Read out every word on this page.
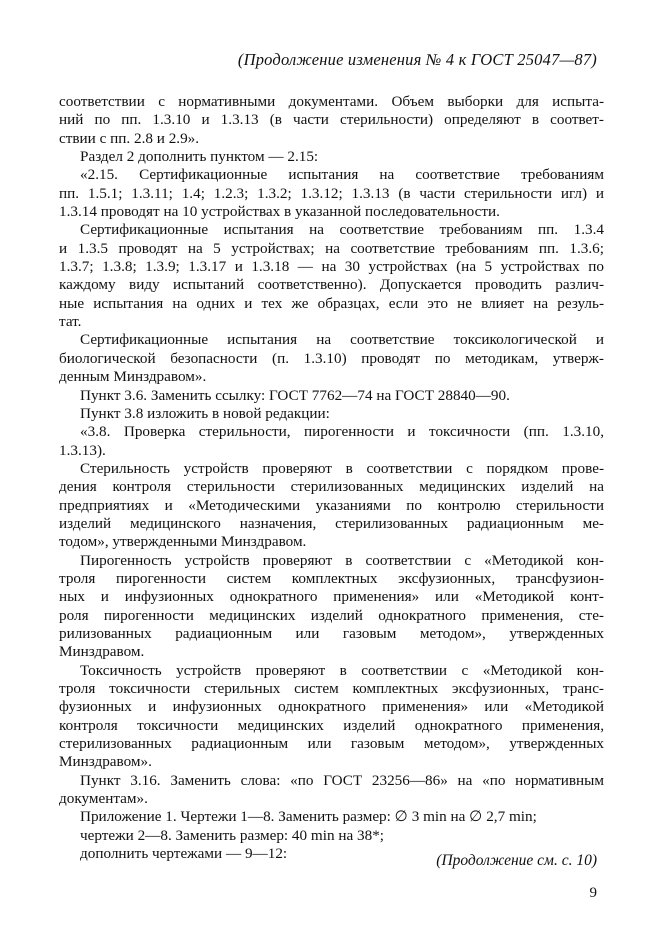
(Продолжение изменения № 4 к ГОСТ 25047—87)
соответствии с нормативными документами. Объем выборки для испыта-
ний по пп. 1.3.10 и 1.3.13 (в части стерильности) определяют в соответ-
ствии с пп. 2.8 и 2.9».
Раздел 2 дополнить пунктом — 2.15:
«2.15. Сертификационные испытания на соответствие требованиям
пп. 1.5.1; 1.3.11; 1.4; 1.2.3; 1.3.2; 1.3.12; 1.3.13 (в части стерильности игл) и
1.3.14 проводят на 10 устройствах в указанной последовательности.
Сертификационные испытания на соответствие требованиям пп. 1.3.4
и 1.3.5 проводят на 5 устройствах; на соответствие требованиям пп. 1.3.6;
1.3.7; 1.3.8; 1.3.9; 1.3.17 и 1.3.18 — на 30 устройствах (на 5 устройствах по
каждому виду испытаний соответственно). Допускается проводить различ-
ные испытания на одних и тех же образцах, если это не влияет на резуль-
тат.
Сертификационные испытания на соответствие токсикологической и
биологической безопасности (п. 1.3.10) проводят по методикам, утверж-
денным Минздравом».
Пункт 3.6. Заменить ссылку: ГОСТ 7762—74 на ГОСТ 28840—90.
Пункт 3.8 изложить в новой редакции:
«3.8. Проверка стерильности, пирогенности и токсичности (пп. 1.3.10,
1.3.13).
Стерильность устройств проверяют в соответствии с порядком прове-
дения контроля стерильности стерилизованных медицинских изделий на
предприятиях и «Методическими указаниями по контролю стерильности
изделий медицинского назначения, стерилизованных радиационным ме-
тодом», утвержденными Минздравом.
Пирогенность устройств проверяют в соответствии с «Методикой кон-
троля пирогенности систем комплектных эксфузионных, трансфузион-
ных и инфузионных однократного применения» или «Методикой конт-
роля пирогенности медицинских изделий однократного применения, сте-
рилизованных радиационным или газовым методом», утвержденных
Минздравом.
Токсичность устройств проверяют в соответствии с «Методикой кон-
троля токсичности стерильных систем комплектных эксфузионных, транс-
фузионных и инфузионных однократного применения» или «Методикой
контроля токсичности медицинских изделий однократного применения,
стерилизованных радиационным или газовым методом», утвержденных
Минздравом».
Пункт 3.16. Заменить слова: «по ГОСТ 23256—86» на «по нормативным
документам».
Приложение 1. Чертежи 1—8. Заменить размер: ∅ 3 min на ∅ 2,7 min;
чертежи 2—8. Заменить размер: 40 min на 38*;
дополнить чертежами — 9—12:	(Продолжение см. с. 10)
9
